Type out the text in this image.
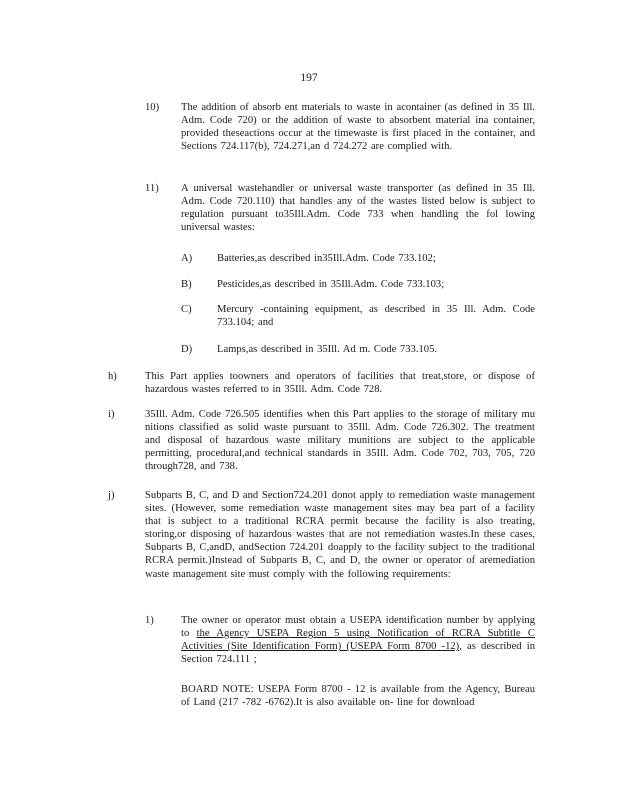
197
10) The addition of absorb ent materials to waste in acontainer (as defined in 35 Ill. Adm. Code 720) or the addition of waste to absorbent material ina container, provided theseactions occur at the timewaste is first placed in the container, and Sections 724.117(b), 724.271,an d 724.272 are complied with.
11) A universal wastehandler or universal waste transporter (as defined in 35 Ill. Adm. Code 720.110) that handles any of the wastes listed below is subject to regulation pursuant to35Ill.Adm. Code 733 when handling the fol lowing universal wastes:
A) Batteries,as described in35Ill.Adm. Code 733.102;
B) Pesticides,as described in 35Ill.Adm. Code 733.103;
C) Mercury -containing equipment, as described in 35 Ill. Adm. Code 733.104; and
D) Lamps,as described in 35Ill. Ad m. Code 733.105.
h)	This Part applies toowners and operators of facilities that treat,store, or dispose of hazardous wastes referred to in 35Ill. Adm. Code 728.
i)	35Ill. Adm. Code 726.505 identifies when this Part applies to the storage of military mu nitions classified as solid waste pursuant to 35Ill. Adm. Code 726.302. The treatment and disposal of hazardous waste military munitions are subject to the applicable permitting, procedural,and technical standards in 35Ill. Adm. Code 702, 703, 705, 720 through728, and 738.
j)	Subparts B, C, and D and Section724.201 donot apply to remediation waste management sites. (However, some remediation waste management sites may bea part of a facility that is subject to a traditional RCRA permit because the facility is also treating, storing,or disposing of hazardous wastes that are not remediation wastes.In these cases, Subparts B, C,andD, andSection 724.201 doapply to the facility subject to the traditional RCRA permit.)Instead of Subparts B, C, and D, the owner or operator of aremediation waste management site must comply with the following requirements:
1)	The owner or operator must obtain a USEPA identification number by applying to the Agency USEPA Region 5 using Notification of RCRA Subtitle C Activities (Site Identification Form) (USEPA Form 8700 -12), as described in Section 724.111 ;
BOARD NOTE: USEPA Form 8700 - 12 is available from the Agency, Bureau of Land (217 -782 -6762).It is also available on- line for download
